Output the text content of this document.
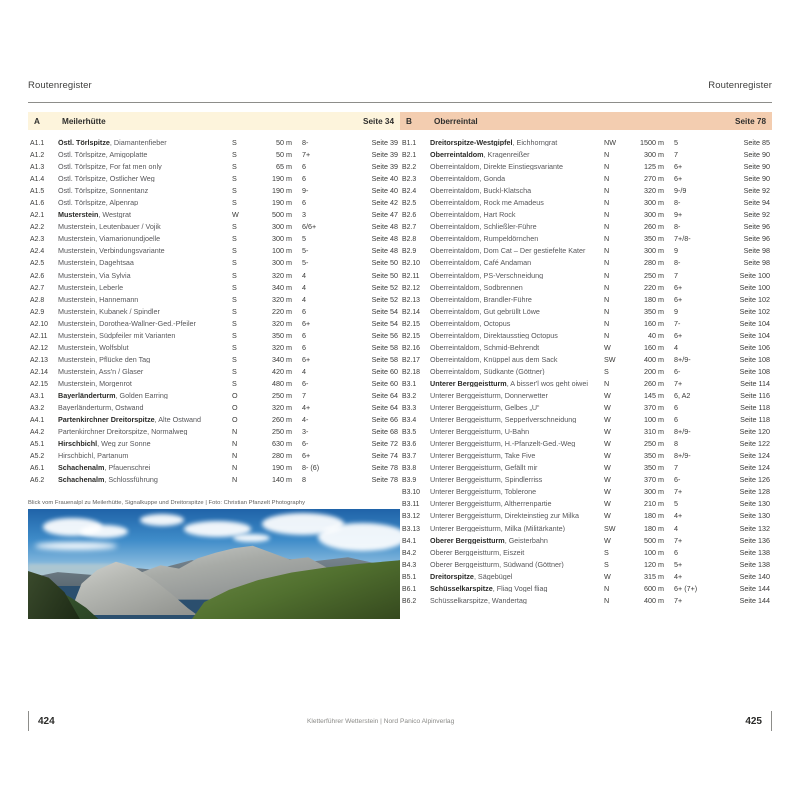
Routenregister
A	Meilerhütte	Seite 34
A1.1	Östl. Törlspitze, Diamantenfieber	S	50 m	8-	Seite 39
A1.2	Östl. Törlspitze, Amigoplatte	S	50 m	7+	Seite 39
A1.3	Östl. Törlspitze, For fat men only	S	65 m	6	Seite 39
A1.4	Östl. Törlspitze, Östlicher Weg	S	190 m	6	Seite 40
A1.5	Östl. Törlspitze, Sonnentanz	S	190 m	9-	Seite 40
A1.6	Östl. Törlspitze, Alpenrap	S	190 m	6	Seite 42
A2.1	Musterstein, Westgrat	W	500 m	3	Seite 47
A2.2	Musterstein, Leutenbauer / Vojik	S	300 m	6/6+	Seite 48
A2.3	Musterstein, Viamarionundjoelle	S	300 m	5	Seite 48
A2.4	Musterstein, Verbindungsvariante	S	100 m	5-	Seite 48
A2.5	Musterstein, Dagehtsaa	S	300 m	5-	Seite 50
A2.6	Musterstein, Via Sylvia	S	320 m	4	Seite 50
A2.7	Musterstein, Leberle	S	340 m	4	Seite 52
A2.8	Musterstein, Hannemann	S	320 m	4	Seite 52
A2.9	Musterstein, Kubanek / Spindler	S	220 m	6	Seite 54
A2.10	Musterstein, Dorothea-Wallner-Ged.-Pfeiler	S	320 m	6+	Seite 54
A2.11	Musterstein, Südpfeiler mit Varianten	S	350 m	6	Seite 56
A2.12	Musterstein, Wolfsblut	S	320 m	6	Seite 58
A2.13	Musterstein, Pflücke den Tag	S	340 m	6+	Seite 58
A2.14	Musterstein, Ass'n / Glaser	S	420 m	4	Seite 60
A2.15	Musterstein, Morgenrot	S	480 m	6-	Seite 60
A3.1	Bayerländerturm, Golden Earring	O	250 m	7	Seite 64
A3.2	Bayerländerturm, Ostwand	O	320 m	4+	Seite 64
A4.1	Partenkirchner Dreitorspitze, Alte Ostwand	O	260 m	4-	Seite 66
A4.2	Partenkirchner Dreitorspitze, Normalweg	N	250 m	3-	Seite 68
A5.1	Hirschbichl, Weg zur Sonne	N	630 m	6-	Seite 72
A5.2	Hirschbichl, Partanum	N	280 m	6+	Seite 74
A6.1	Schachenalm, Pfauenschrei	N	190 m	8- (6)	Seite 78
A6.2	Schachenalm, Schlossführung	N	140 m	8	Seite 78
Blick vom Frauenalpl zu Meilerhütte, Signalkuppe und Dreitorspitze | Foto: Christian Pfanzelt Photography
424	Kletterführer Wetterstein | Nord
Routenregister
B	Oberreintal	Seite 78
B1.1	Dreitorspitze-Westgipfel, Eichhorngrat	NW	1500 m	5	Seite 85
B2.1	Oberreintaldom, Kragenreißer	N	300 m	7	Seite 90
B2.2	Oberreintaldom, Direkte Einstiegsvariante	N	125 m	6+	Seite 90
B2.3	Oberreintaldom, Gonda	N	270 m	6+	Seite 90
B2.4	Oberreintaldom, Buckl-Klatscha	N	320 m	9-/9	Seite 92
B2.5	Oberreintaldom, Rock me Amadeus	N	300 m	8-	Seite 94
B2.6	Oberreintaldom, Hart Rock	N	300 m	9+	Seite 92
B2.7	Oberreintaldom, Schließler-Führe	N	260 m	8-	Seite 96
B2.8	Oberreintaldom, Rumpeldörnchen	N	350 m	7+/8-	Seite 96
B2.9	Oberreintaldom, Dom Cat – Der gestiefelte Kater	N	300 m	9	Seite 98
B2.10	Oberreintaldom, Café Andaman	N	280 m	8-	Seite 98
B2.11	Oberreintaldom, PS-Verschneidung	N	250 m	7	Seite 100
B2.12	Oberreintaldom, Sodbrennen	N	220 m	6+	Seite 100
B2.13	Oberreintaldom, Brandler-Führe	N	180 m	6+	Seite 102
B2.14	Oberreintaldom, Gut gebrüllt Löwe	N	350 m	9	Seite 102
B2.15	Oberreintaldom, Octopus	N	160 m	7-	Seite 104
B2.15	Oberreintaldom, Direktausstieg Octopus	N	40 m	6+	Seite 104
B2.16	Oberreintaldom, Schmid-Behrendt	W	160 m	4	Seite 106
B2.17	Oberreintaldom, Knüppel aus dem Sack	SW	400 m	8+/9-	Seite 108
B2.18	Oberreintaldom, Südkante (Göttner)	S	200 m	6-	Seite 108
B3.1	Unterer Berggeistturm, A bisser'l wos geht oiwei	N	260 m	7+	Seite 114
B3.2	Unterer Berggeistturm, Donnerwetter	W	145 m	6, A2	Seite 116
B3.3	Unterer Berggeistturm, Gelbes „U“	W	370 m	6	Seite 118
B3.4	Unterer Berggeistturm, Sepperlverschneidung	W	100 m	6	Seite 118
B3.5	Unterer Berggeistturm, U-Bahn	W	310 m	8+/9-	Seite 120
B3.6	Unterer Berggeistturm, H.-Pfanzelt-Ged.-Weg	W	250 m	8	Seite 122
B3.7	Unterer Berggeistturm, Take Five	W	350 m	8+/9-	Seite 124
B3.8	Unterer Berggeistturm, Gefällt mir	W	350 m	7	Seite 124
B3.9	Unterer Berggeistturm, Spindlerriss	W	370 m	6-	Seite 126
B3.10	Unterer Berggeistturm, Toblerone	W	300 m	7+	Seite 128
B3.11	Unterer Berggeistturm, Altherrenpartie	W	210 m	5	Seite 130
B3.12	Unterer Berggeistturm, Direkteinstieg zur Milka	W	180 m	4+	Seite 130
B3.13	Unterer Berggeistturm, Milka (Militärkante)	SW	180 m	4	Seite 132
B4.1	Oberer Berggeistturm, Geisterbahn	W	500 m	7+	Seite 136
B4.2	Oberer Berggeistturm, Eiszeit	S	100 m	6	Seite 138
B4.3	Oberer Berggeistturm, Südwand (Göttner)	S	120 m	5+	Seite 138
B5.1	Dreitorspitze, Sägebügel	W	315 m	4+	Seite 140
B6.1	Schüsselkarspitze, Fliag Vogel fliag	N	600 m	6+ (7+)	Seite 144
B6.2	Schüsselkarspitze, Wandertag	N	400 m	7+	Seite 144
Panico Alpinverlag	425
